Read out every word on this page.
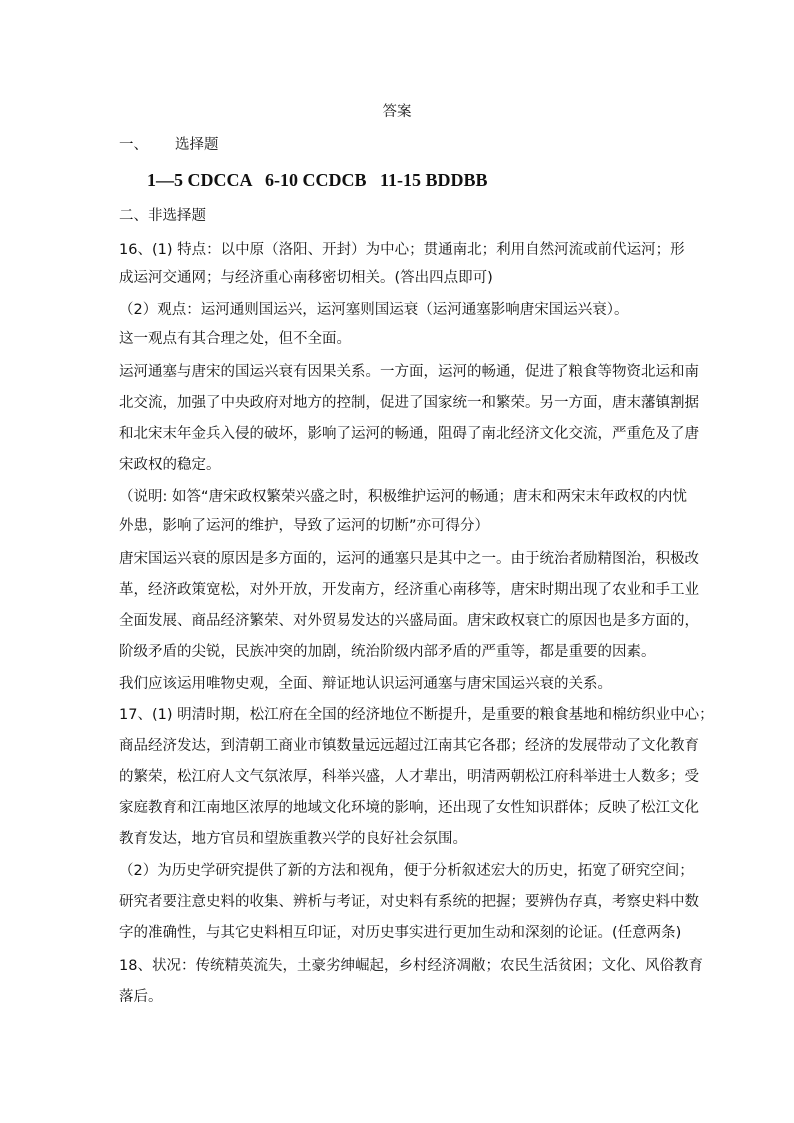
答案
一、 选择题
1—5 CDCCA   6-10 CCDCB   11-15 BDDBB
二、非选择题
16、(1) 特点：以中原（洛阳、开封）为中心；贯通南北；利用自然河流或前代运河；形
成运河交通网；与经济重心南移密切相关。(答出四点即可)
（2）观点：运河通则国运兴，运河塞则国运衰（运河通塞影响唐宋国运兴衰）。
这一观点有其合理之处，但不全面。
运河通塞与唐宋的国运兴衰有因果关系。一方面，运河的畅通，促进了粮食等物资北运和南
北交流，加强了中央政府对地方的控制，促进了国家统一和繁荣。另一方面，唐末藩镇割据
和北宋末年金兵入侵的破坏，影响了运河的畅通，阻碍了南北经济文化交流，严重危及了唐
宋政权的稳定。
（说明: 如答“唐宋政权繁荣兴盛之时，积极维护运河的畅通；唐末和两宋末年政权的内忧
外患，影响了运河的维护，导致了运河的切断”亦可得分）
唐宋国运兴衰的原因是多方面的，运河的通塞只是其中之一。由于统治者励精图治，积极改
革，经济政策宽松，对外开放，开发南方，经济重心南移等，唐宋时期出现了农业和手工业
全面发展、商品经济繁荣、对外贸易发达的兴盛局面。唐宋政权衰亡的原因也是多方面的，
阶级矛盾的尖锐，民族冲突的加剧，统治阶级内部矛盾的严重等，都是重要的因素。
我们应该运用唯物史观，全面、辩证地认识运河通塞与唐宋国运兴衰的关系。
17、(1) 明清时期，松江府在全国的经济地位不断提升，是重要的粮食基地和棉纺织业中心；
商品经济发达，到清朝工商业市镇数量远远超过江南其它各郡；经济的发展带动了文化教育
的繁荣，松江府人文气氛浓厚，科举兴盛，人才辈出，明清两朝松江府科举进士人数多；受
家庭教育和江南地区浓厚的地域文化环境的影响，还出现了女性知识群体；反映了松江文化
教育发达，地方官员和望族重教兴学的良好社会氛围。
（2）为历史学研究提供了新的方法和视角，便于分析叙述宏大的历史，拓宽了研究空间；
研究者要注意史料的收集、辨析与考证，对史料有系统的把握；要辨伪存真，考察史料中数
字的准确性，与其它史料相互印证，对历史事实进行更加生动和深刻的论证。(任意两条)
18、状况：传统精英流失，土豪劣绅崛起，乡村经济凋敝；农民生活贫困；文化、风俗教育
落后。
